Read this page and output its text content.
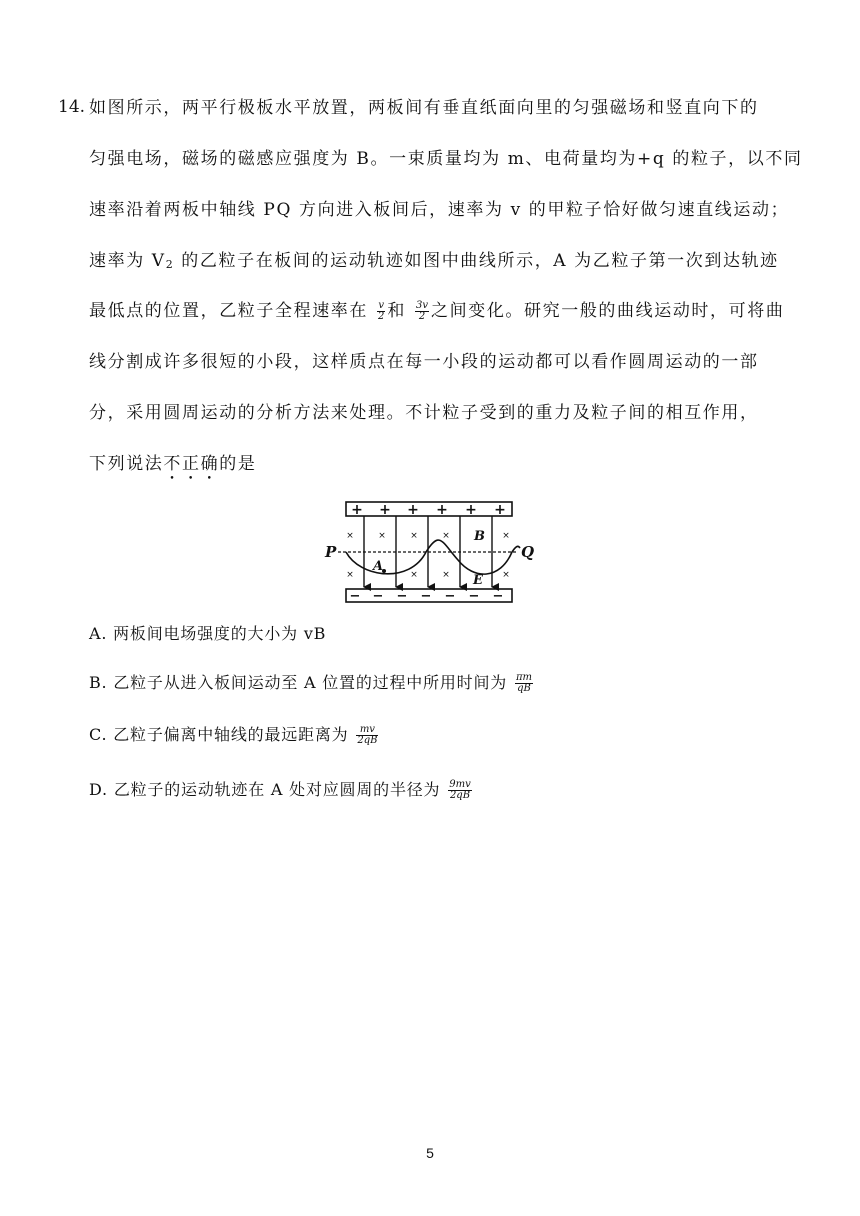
14. 如图所示，两平行极板水平放置，两板间有垂直纸面向里的匀强磁场和竖直向下的
匀强电场，磁场的磁感应强度为 B。一束质量均为 m、电荷量均为+q 的粒子，以不同
速率沿着两板中轴线 PQ 方向进入板间后，速率为 v 的甲粒子恰好做匀速直线运动；
速率为 V2 的乙粒子在板间的运动轨迹如图中曲线所示，A 为乙粒子第一次到达轨迹
最低点的位置，乙粒子全程速率在 $\frac{v}{2}$ 和 $\frac{3v}{2}$ 之间变化。研究一般的曲线运动时，可将曲
线分割成许多很短的小段，这样质点在每一小段的运动都可以看作圆周运动的一部
分，采用圆周运动的分析方法来处理。不计粒子受到的重力及粒子间的相互作用，
下列说法不正确的是
+ + + + + +
− − − − − − −
×	×	×	×	×
×	×	×	×
P	Q
A
B
E
A. 两板间电场强度的大小为 vB
B. 乙粒子从进入板间运动至 A 位置的过程中所用时间为 $\frac{\pi m}{qB}$
C. 乙粒子偏离中轴线的最远距离为 $\frac{mv}{2qB}$
D. 乙粒子的运动轨迹在 A 处对应圆周的半径为 $\frac{9mv}{2qB}$
5
